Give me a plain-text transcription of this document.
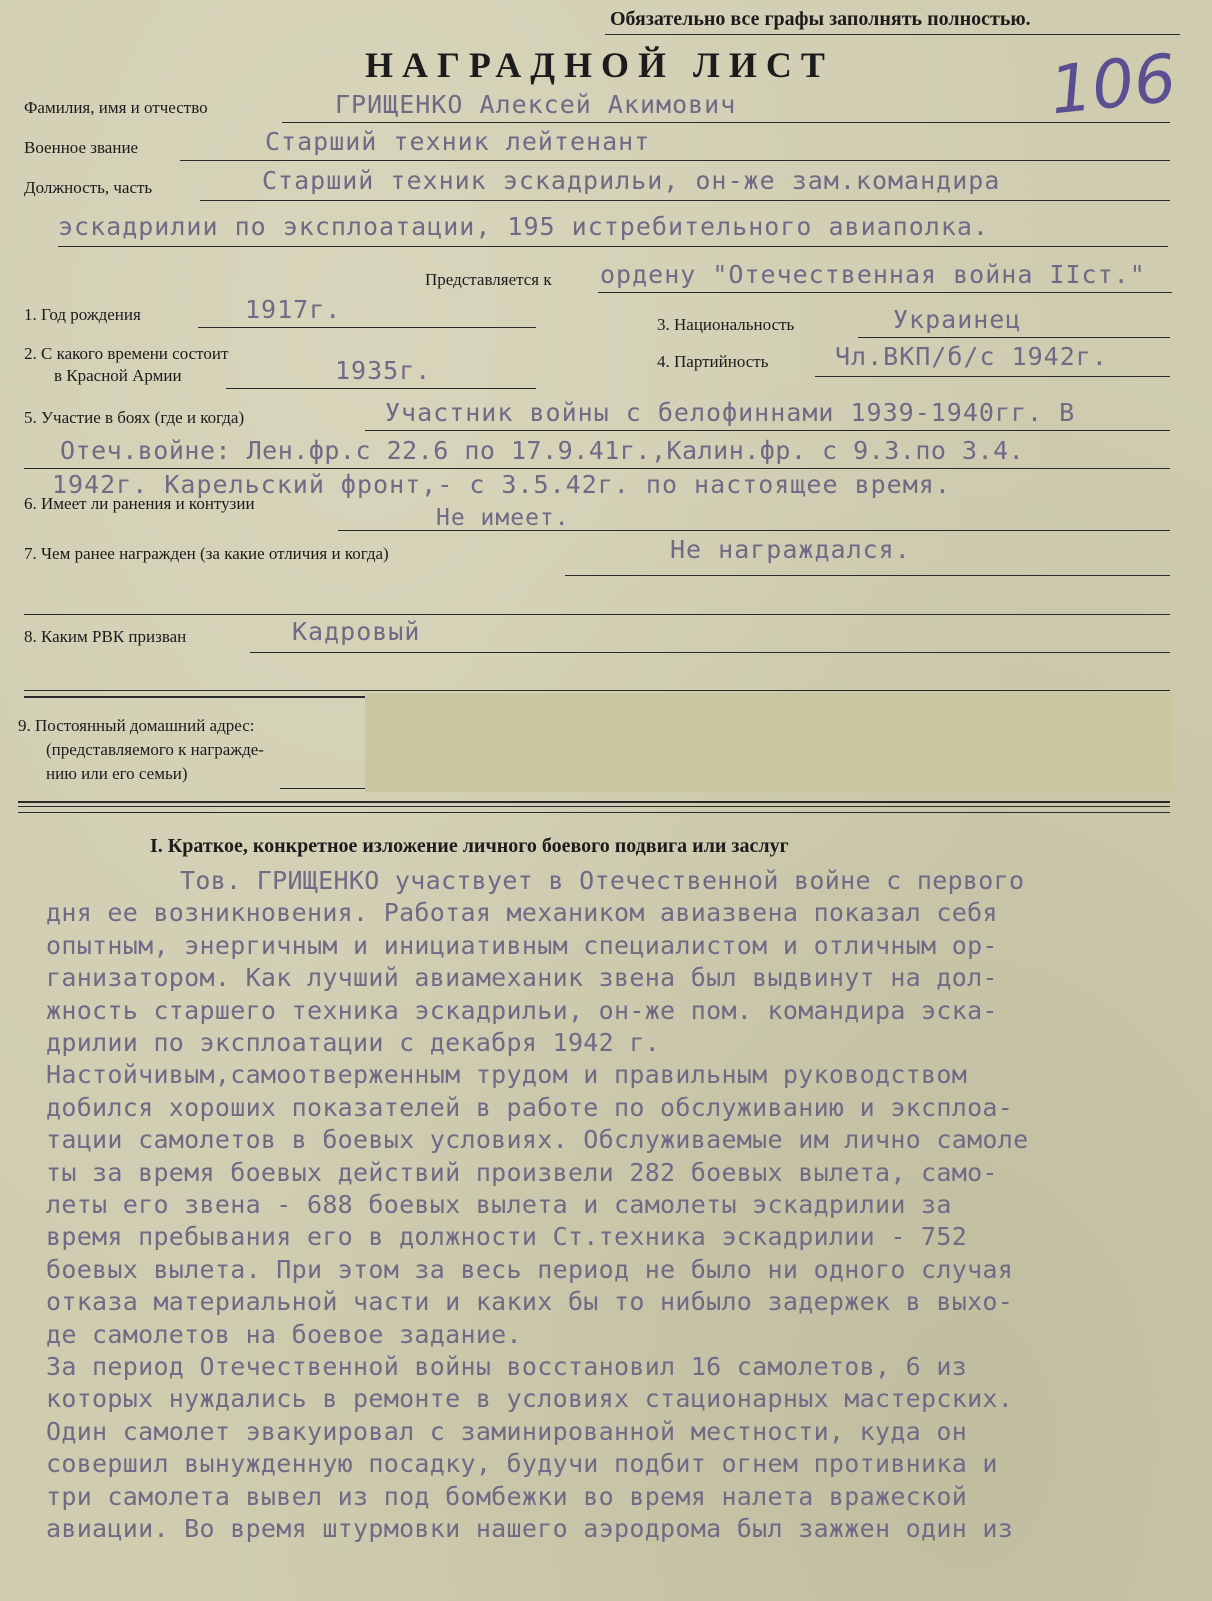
Обязательно все графы заполнять полностью.
НАГРАДНОЙ ЛИСТ	106
Фамилия, имя и отчество	ГРИЩЕНКО Алексей Акимович
Военное звание	Старший техник лейтенант
Должность, часть	Старший техник эскадрильи, он-же зам.командира
эскадрилии по эксплоатации, 195 истребительного авиаполка.
Представляется к ордену "Отечественная война IIст."
1. Год рождения	1917г.
3. Национальность	Украинец
2. С какого времени состоит
в Красной Армии	1935г.	4. Партийность	Чл.ВКП/б/с 1942г.
5. Участие в боях (где и когда)	Участник войны с белофиннами 1939-1940гг. В
Отеч.войне: Лен.фр.с 22.6 по 17.9.41г.,Калин.фр. с 9.3.по 3.4.
1942г. Карельский фронт,- с 3.5.42г. по настоящее время.
6. Имеет ли ранения и контузии
Не имеет.
7. Чем ранее награжден (за какие отличия и когда)	Не награждался.
8. Каким РВК призван	Кадровый
9. Постоянный домашний адрес:
(представляемого к награжде-
нию или его семьи)
I. Краткое, конкретное изложение личного боевого подвига или заслуг
Тов. ГРИЩЕНКО участвует в Отечественной войне с первого
дня ее возникновения. Работая механиком авиазвена показал себя
опытным, энергичным и инициативным специалистом и отличным ор-
ганизатором. Как лучший авиамеханик звена был выдвинут на дол-
жность старшего техника эскадрильи, он-же пом. командира эска-
дрилии по эксплоатации с декабря 1942 г.
Настойчивым,самоотверженным трудом и правильным руководством
добился хороших показателей в работе по обслуживанию и эксплоа-
тации самолетов в боевых условиях. Обслуживаемые им лично самоле
ты за время боевых действий произвели 282 боевых вылета, само-
леты его звена - 688 боевых вылета и самолеты эскадрилии за
время пребывания его в должности Ст.техника эскадрилии - 752
боевых вылета. При этом за весь период не было ни одного случая
отказа материальной части и каких бы то нибыло задержек в выхо-
де самолетов на боевое задание.
За период Отечественной войны восстановил 16 самолетов, 6 из
которых нуждались в ремонте в условиях стационарных мастерских.
Один самолет эвакуировал с заминированной местности, куда он
совершил вынужденную посадку, будучи подбит огнем противника и
три самолета вывел из под бомбежки во время налета вражеской
авиации. Во время штурмовки нашего аэродрома был зажжен один из
